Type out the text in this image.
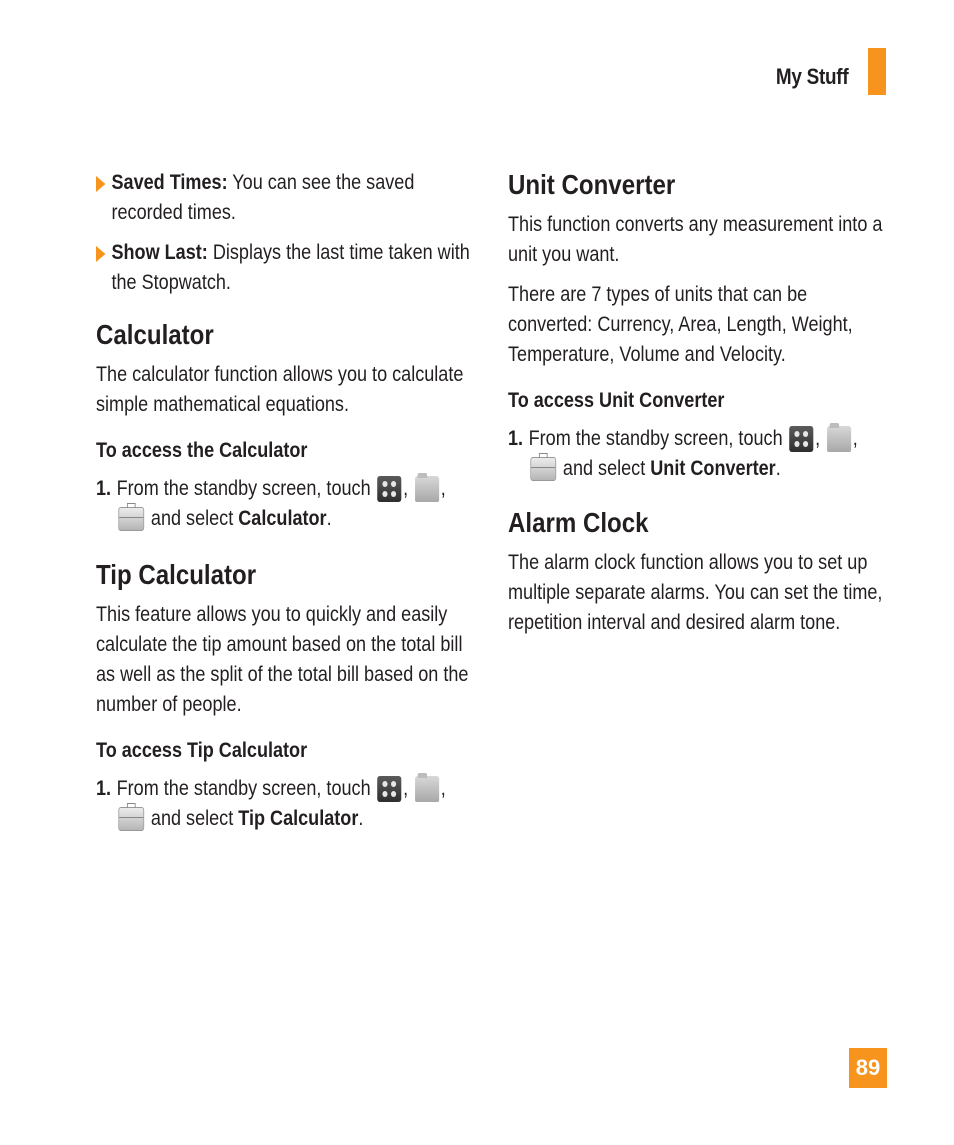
My Stuff
Saved Times: You can see the saved recorded times.
Show Last: Displays the last time taken with the Stopwatch.
Calculator

The calculator function allows you to calculate simple mathematical equations.

To access the Calculator
1. From the standby screen, touch , ,
and select Calculator.
Tip Calculator

This feature allows you to quickly and easily calculate the tip amount based on the total bill as well as the split of the total bill based on the number of people.

To access Tip Calculator
1. From the standby screen, touch , ,
and select Tip Calculator.
Unit Converter

This function converts any measurement into a unit you want.

There are 7 types of units that can be converted: Currency, Area, Length, Weight, Temperature, Volume and Velocity.

To access Unit Converter
1. From the standby screen, touch , ,
and select Unit Converter.
Alarm Clock

The alarm clock function allows you to set up multiple separate alarms. You can set the time, repetition interval and desired alarm tone.

89
